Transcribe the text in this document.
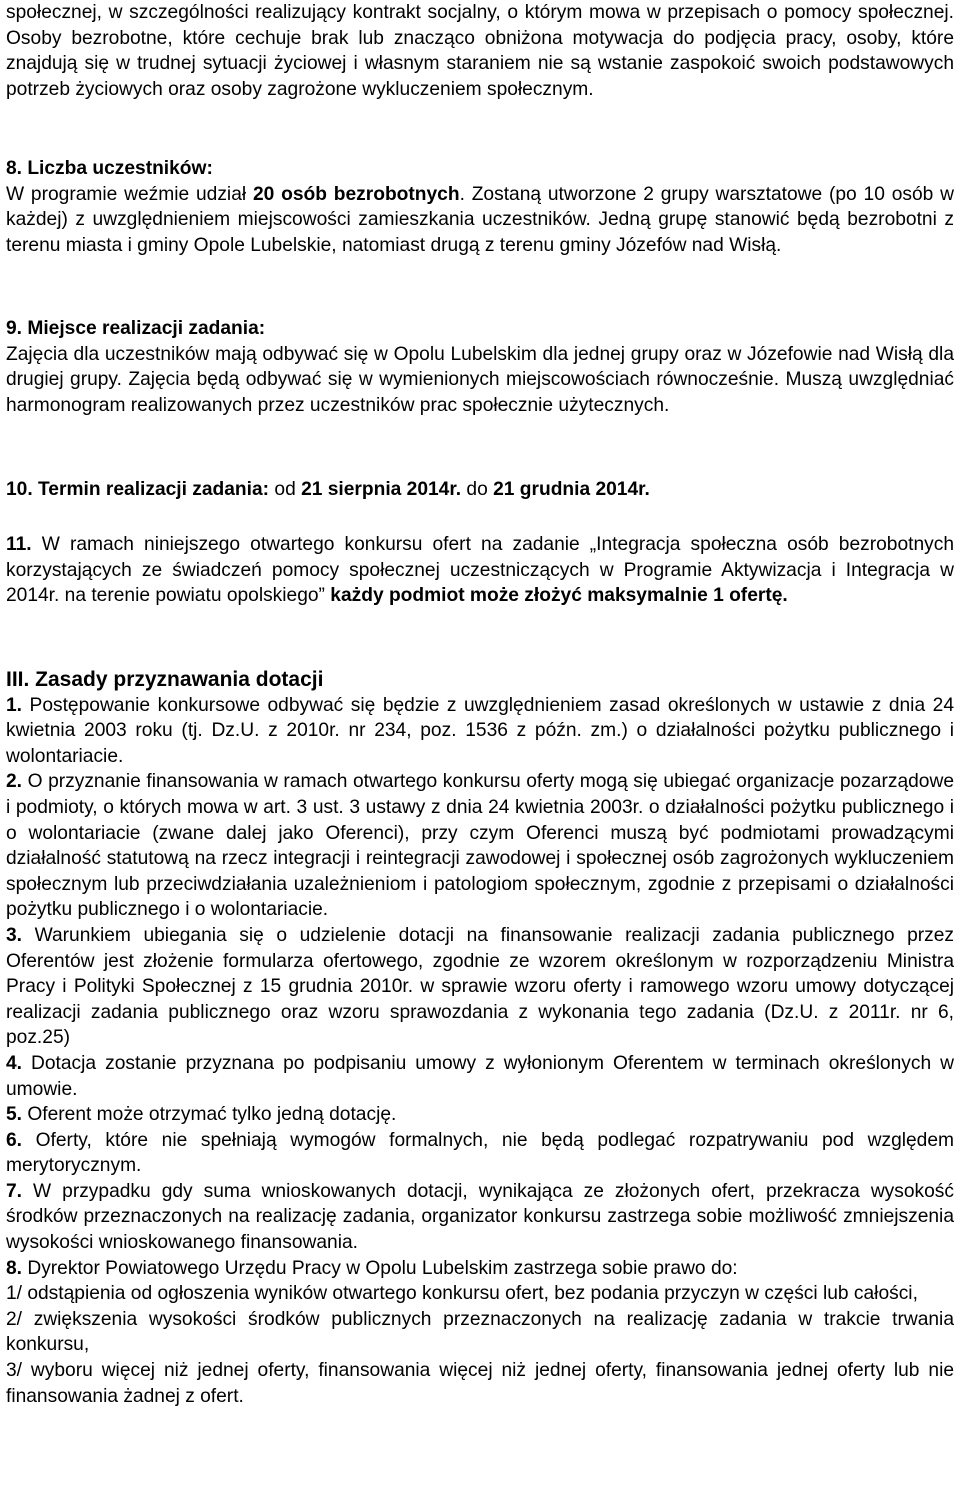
społecznej, w szczególności realizujący kontrakt socjalny, o którym mowa w przepisach o pomocy społecznej. Osoby bezrobotne, które cechuje brak lub znacząco obniżona motywacja do podjęcia pracy, osoby, które znajdują się w trudnej sytuacji życiowej i własnym staraniem nie są wstanie zaspokoić swoich podstawowych potrzeb życiowych oraz osoby zagrożone wykluczeniem społecznym.

8. Liczba uczestników:

W programie weźmie udział 20 osób bezrobotnych. Zostaną utworzone 2 grupy warsztatowe (po 10 osób w każdej) z uwzględnieniem miejscowości zamieszkania uczestników. Jedną grupę stanowić będą bezrobotni z terenu miasta i gminy Opole Lubelskie, natomiast drugą z terenu gminy Józefów nad Wisłą.

9. Miejsce realizacji zadania:

Zajęcia dla uczestników mają odbywać się w Opolu Lubelskim dla jednej grupy oraz w Józefowie nad Wisłą dla drugiej grupy. Zajęcia będą odbywać się w wymienionych miejscowościach równocześnie. Muszą uwzględniać harmonogram realizowanych przez uczestników prac społecznie użytecznych.

10. Termin realizacji zadania: od 21 sierpnia 2014r. do 21 grudnia 2014r.

11. W ramach niniejszego otwartego konkursu ofert na zadanie „Integracja społeczna osób bezrobotnych korzystających ze świadczeń pomocy społecznej uczestniczących w Programie Aktywizacja i Integracja w 2014r. na terenie powiatu opolskiego” każdy podmiot może złożyć maksymalnie 1 ofertę.

III. Zasady przyznawania dotacji

1. Postępowanie konkursowe odbywać się będzie z uwzględnieniem zasad określonych w ustawie z dnia 24 kwietnia 2003 roku (tj. Dz.U. z 2010r. nr 234, poz. 1536 z późn. zm.) o działalności pożytku publicznego i wolontariacie.

2. O przyznanie finansowania w ramach otwartego konkursu oferty mogą się ubiegać organizacje pozarządowe i podmioty, o których mowa w art. 3 ust. 3 ustawy z dnia 24 kwietnia 2003r. o działalności pożytku publicznego i o wolontariacie (zwane dalej jako Oferenci), przy czym Oferenci muszą być podmiotami prowadzącymi działalność statutową na rzecz integracji i reintegracji zawodowej i społecznej osób zagrożonych wykluczeniem społecznym lub przeciwdziałania uzależnieniom i patologiom społecznym, zgodnie z przepisami o działalności pożytku publicznego i o wolontariacie.

3. Warunkiem ubiegania się o udzielenie dotacji na finansowanie realizacji zadania publicznego przez Oferentów jest złożenie formularza ofertowego, zgodnie ze wzorem określonym w rozporządzeniu Ministra Pracy i Polityki Społecznej z 15 grudnia 2010r. w sprawie wzoru oferty i ramowego wzoru umowy dotyczącej realizacji zadania publicznego oraz wzoru sprawozdania z wykonania tego zadania (Dz.U. z 2011r. nr 6, poz.25)

4. Dotacja zostanie przyznana po podpisaniu umowy z wyłonionym Oferentem w terminach określonych w umowie.

5. Oferent może otrzymać tylko jedną dotację.

6. Oferty, które nie spełniają wymogów formalnych, nie będą podlegać rozpatrywaniu pod względem merytorycznym.

7. W przypadku gdy suma wnioskowanych dotacji, wynikająca ze złożonych ofert, przekracza wysokość środków przeznaczonych na realizację zadania, organizator konkursu zastrzega sobie możliwość zmniejszenia wysokości wnioskowanego finansowania.

8. Dyrektor Powiatowego Urzędu Pracy w Opolu Lubelskim zastrzega sobie prawo do:

1/ odstąpienia od ogłoszenia wyników otwartego konkursu ofert, bez podania przyczyn w części lub całości,

2/ zwiększenia wysokości środków publicznych przeznaczonych na realizację zadania w trakcie trwania konkursu,

3/ wyboru więcej niż jednej oferty, finansowania więcej niż jednej oferty, finansowania jednej oferty lub nie finansowania żadnej z ofert.
